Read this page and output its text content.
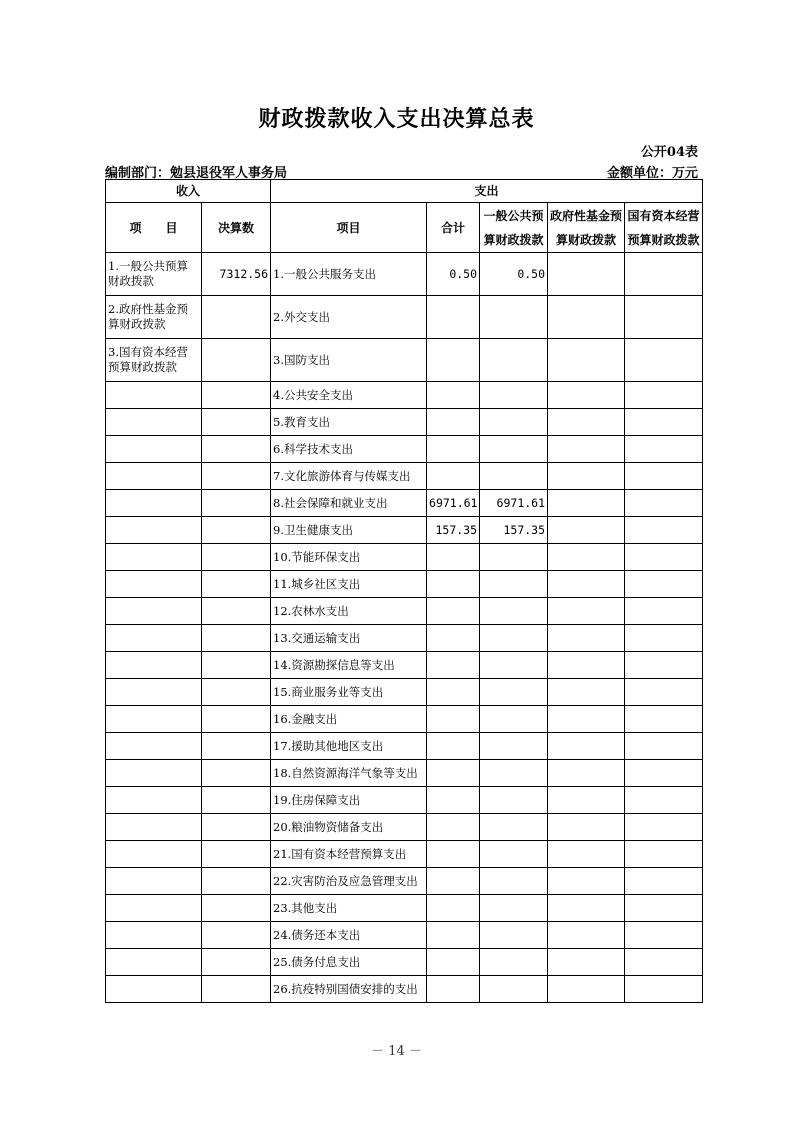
财政拨款收入支出决算总表
公开04表
编制部门：勉县退役军人事务局	金额单位：万元
收入		支出				
项　　目	决算数	项目	合计	一般公共预算财政拨款	政府性基金预算财政拨款	国有资本经营预算财政拨款
1.一般公共预算财政拨款	7312.56	1.一般公共服务支出	0.50	0.50		
2.政府性基金预算财政拨款		2.外交支出				
3.国有资本经营预算财政拨款		3.国防支出				
		4.公共安全支出				
		5.教育支出				
		6.科学技术支出				
		7.文化旅游体育与传媒支出				
		8.社会保障和就业支出	6971.61	6971.61		
		9.卫生健康支出	157.35	157.35		
		10.节能环保支出				
		11.城乡社区支出				
		12.农林水支出				
		13.交通运输支出				
		14.资源勘探信息等支出				
		15.商业服务业等支出				
		16.金融支出				
		17.援助其他地区支出				
		18.自然资源海洋气象等支出				
		19.住房保障支出				
		20.粮油物资储备支出				
		21.国有资本经营预算支出				
		22.灾害防治及应急管理支出				
		23.其他支出				
		24.债务还本支出				
		25.债务付息支出				
		26.抗疫特别国债安排的支出				
－ 14 －
